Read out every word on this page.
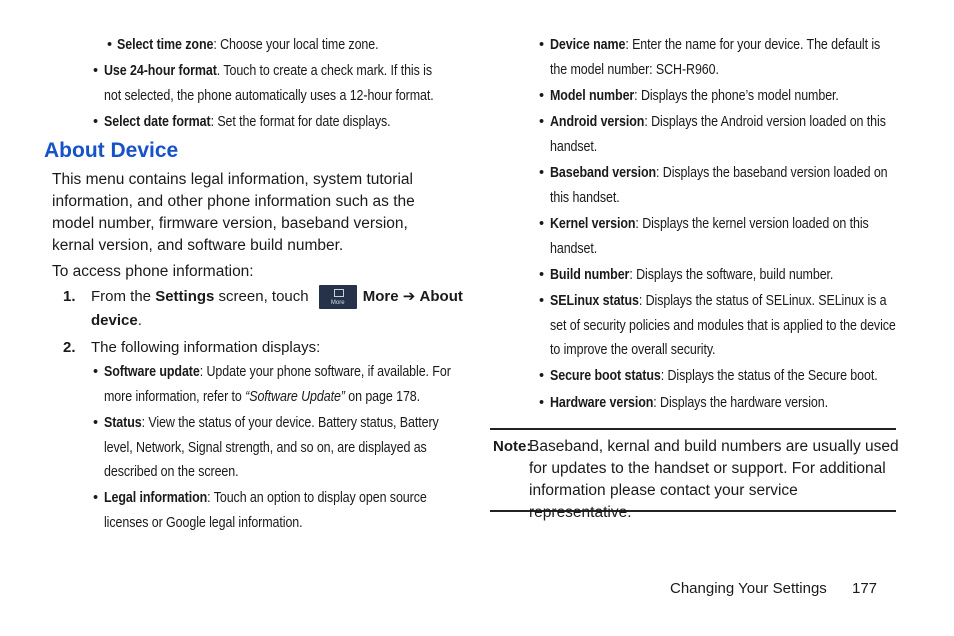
• Select time zone: Choose your local time zone.
• Use 24-hour format. Touch to create a check mark. If this is
not selected, the phone automatically uses a 12-hour format.
• Select date format: Set the format for date displays.
About Device
This menu contains legal information, system tutorial information, and other phone information such as the model number, firmware version, baseband version, kernal version, and software build number.
To access phone information:
1. From the Settings screen, touch	More	More ➔ About
device.
2. The following information displays:
• Software update: Update your phone software, if available. For
more information, refer to “Software Update” on page 178.
• Status: View the status of your device. Battery status, Battery
level, Network, Signal strength, and so on, are displayed as
described on the screen.
• Legal information: Touch an option to display open source
licenses or Google legal information.
• Device name: Enter the name for your device. The default is
the model number: SCH-R960.
• Model number: Displays the phone’s model number.
• Android version: Displays the Android version loaded on this
handset.
• Baseband version: Displays the baseband version loaded on
this handset.
• Kernel version: Displays the kernel version loaded on this
handset.
• Build number: Displays the software, build number.
• SELinux status: Displays the status of SELinux. SELinux is a
set of security policies and modules that is applied to the device
to improve the overall security.
• Secure boot status: Displays the status of the Secure boot.
• Hardware version: Displays the hardware version.
Note:
Baseband, kernal and build numbers are usually used for updates to the handset or support. For additional information please contact your service representative.
Changing Your Settings 177
